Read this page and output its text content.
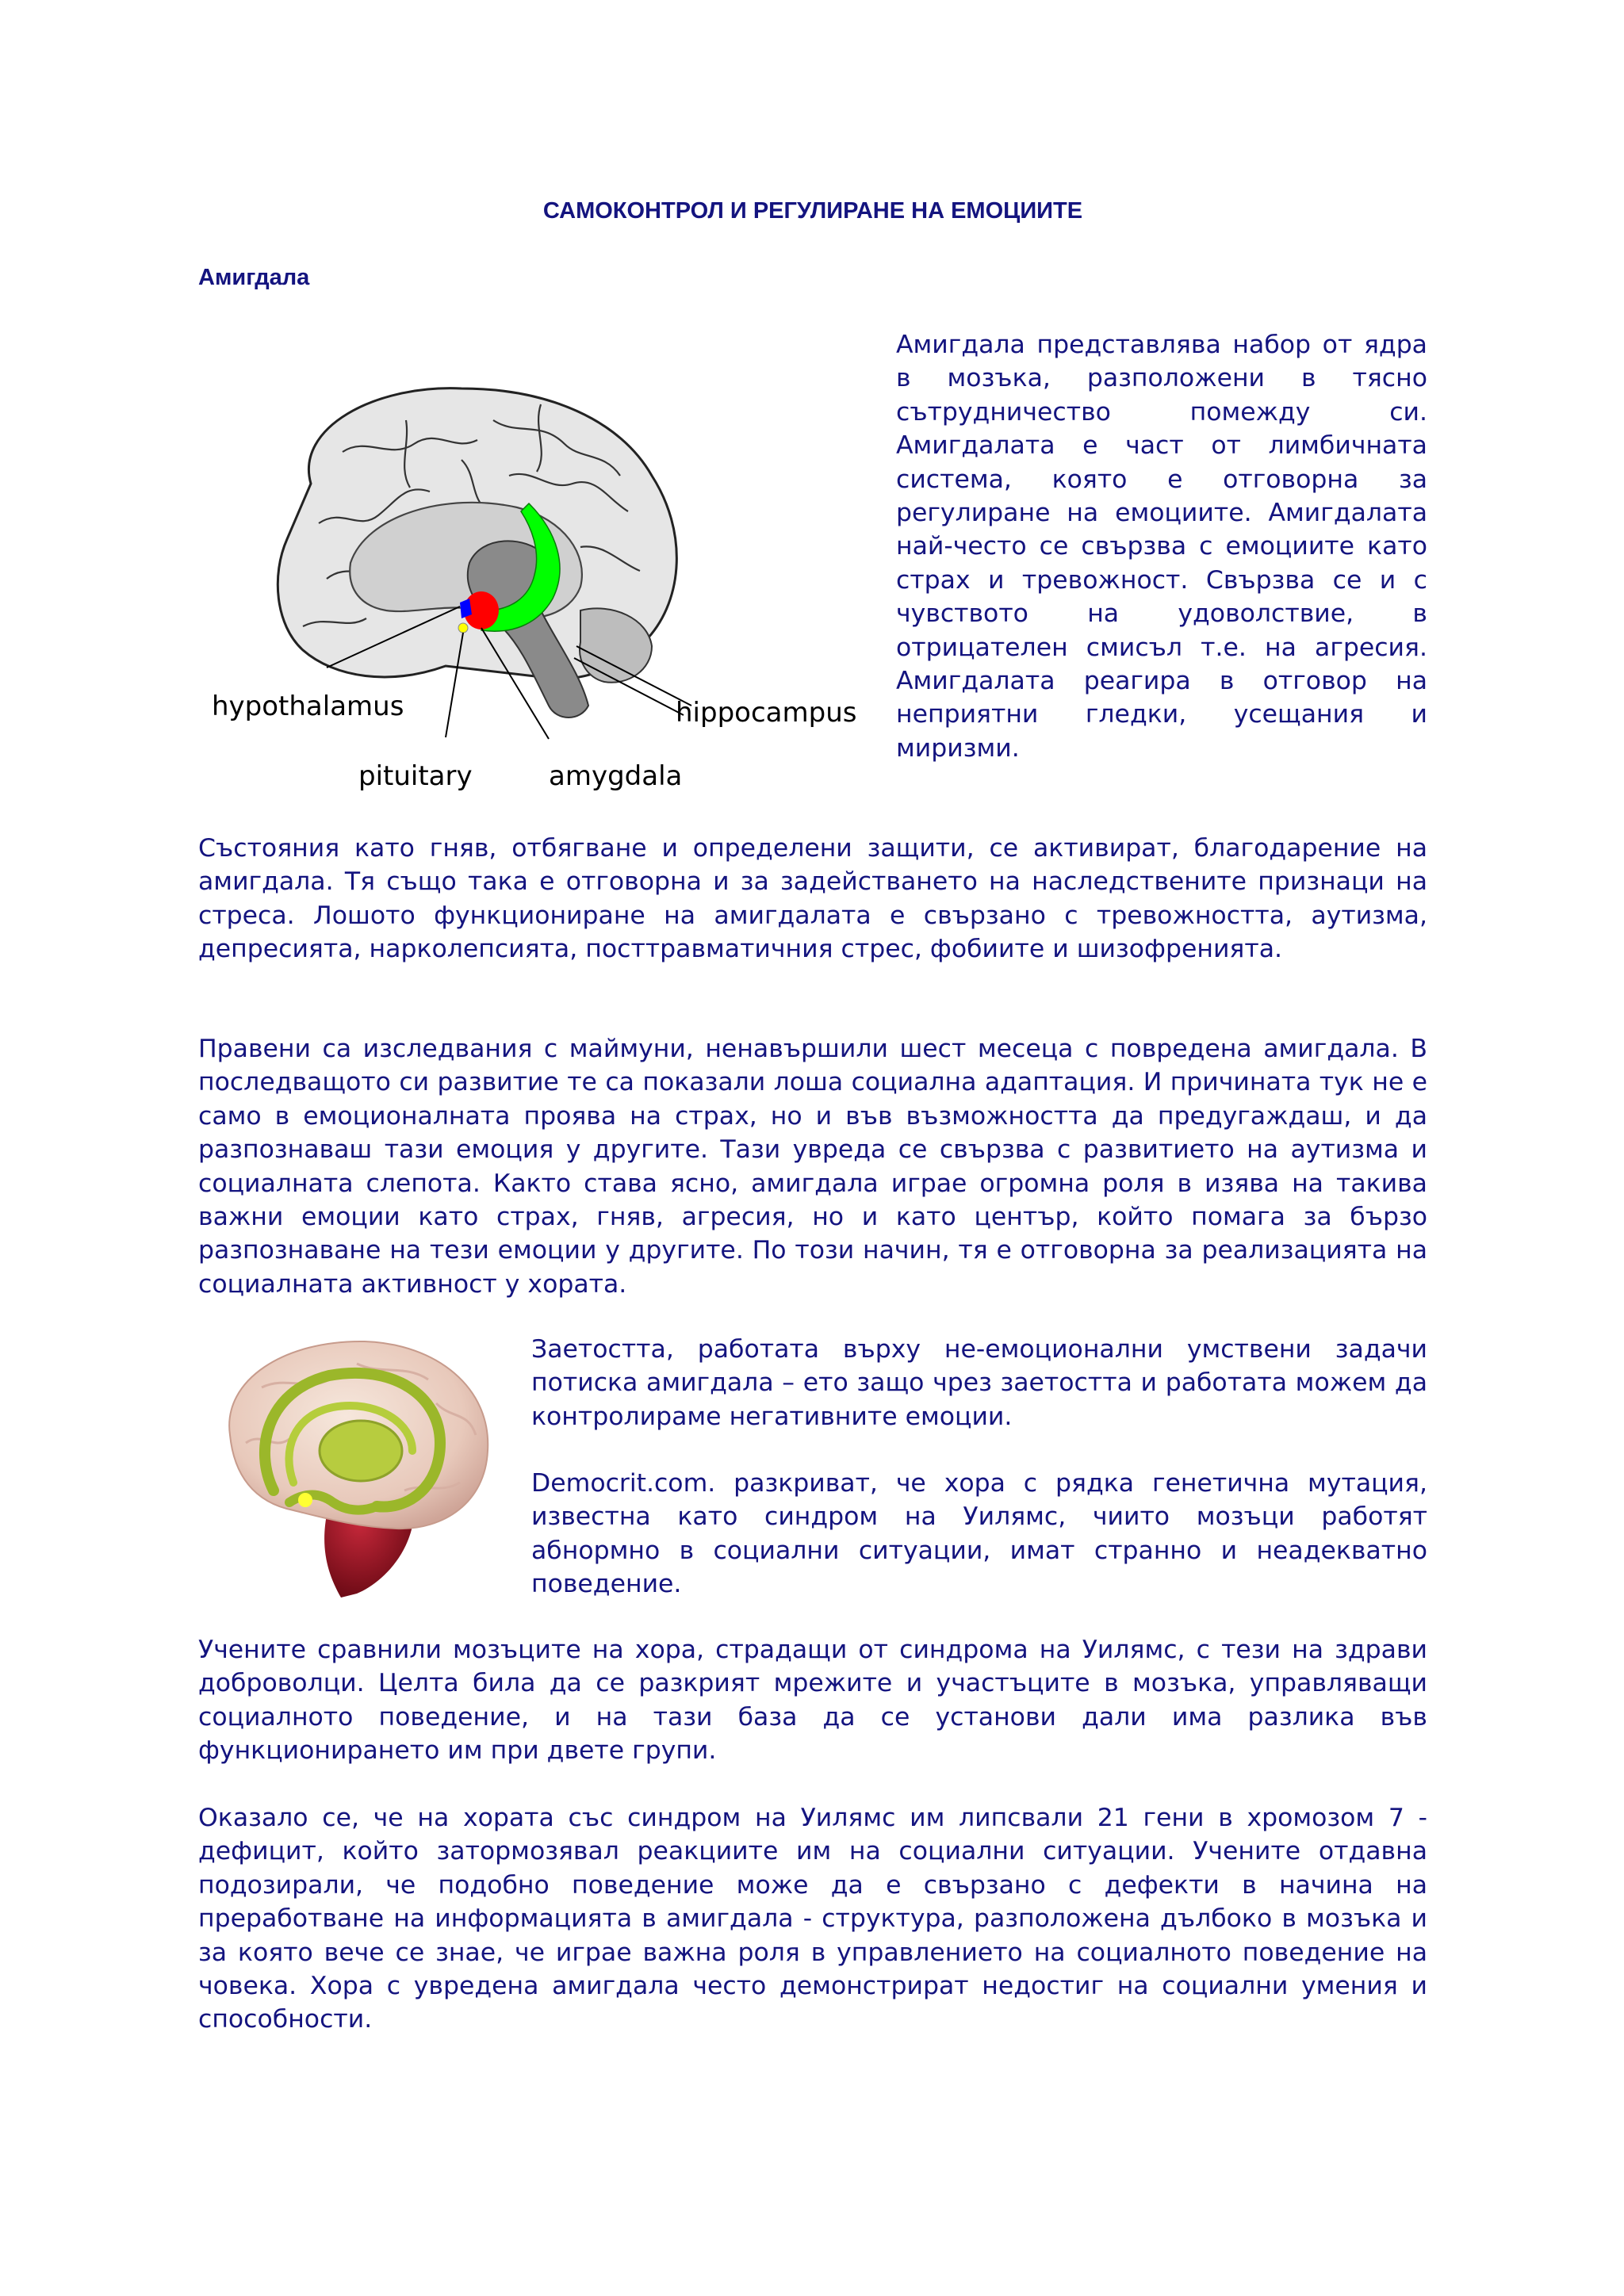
САМОКОНТРОЛ И РЕГУЛИРАНЕ НА ЕМОЦИИТЕ
Амигдала
hypothalamus	hippocampus
pituitary	amygdala

Амигдала представлява набор от ядра в мозъка, разположени в тясно сътрудничество помежду си. Амигдалата е част от лимбичната система, която е отговорна за регулиране на емоциите. Амигдалата най-често се свързва с емоциите като страх и тревожност. Свързва се и с чувството на удоволствие, в отрицателен смисъл т.е. на агресия. Амигдалата реагира в отговор на неприятни гледки, усещания и миризми.

Състояния като гняв, отбягване и определени защити, се активират, благодарение на амигдала. Тя също така е отговорна и за задействането на наследствените признаци на стреса. Лошото функциониране на амигдалата е свързано с тревожността, аутизма, депресията, нарколепсията, посттравматичния стрес, фобиите и шизофренията.

Правени са изследвания с маймуни, ненавършили шест месеца с повредена амигдала. В последващото си развитие те са показали лоша социална адаптация. И причината тук не е само в емоционалната проява на страх, но и във възможността да предугаждаш, и да разпознаваш тази емоция у другите. Тази увреда се свързва с развитието на аутизма и социалната слепота. Както става ясно, амигдала играе огромна роля в изява на такива важни емоции като страх, гняв, агресия, но и като център, който помага за бързо разпознаване на тези емоции у другите. По този начин, тя е отговорна за реализацията на социалната активност у хората.

Заетостта, работата върху не-емоционални умствени задачи потиска амигдала – ето защо чрез заетостта и работата можем да контролираме негативните емоции.

Democrit.com. разкриват, че хора с рядка генетична мутация, известна като синдром на Уилямс, чиито мозъци работят абнормно в социални ситуации, имат странно и неадекватно поведение.

Учените сравнили мозъците на хора, страдащи от синдрома на Уилямс, с тези на здрави доброволци. Целта била да се разкрият мрежите и участъците в мозъка, управляващи социалното поведение, и на тази база да се установи дали има разлика във функционирането им при двете групи.

Оказало се, че на хората със синдром на Уилямс им липсвали 21 гени в хромозом 7 - дефицит, който затормозявал реакциите им на социални ситуации. Учените отдавна подозирали, че подобно поведение може да е свързано с дефекти в начина на преработване на информацията в амигдала - структура, разположена дълбоко в мозъка и за която вече се знае, че играе важна роля в управлението на социалното поведение на човека. Хора с увредена амигдала често демонстрират недостиг на социални умения и способности.
